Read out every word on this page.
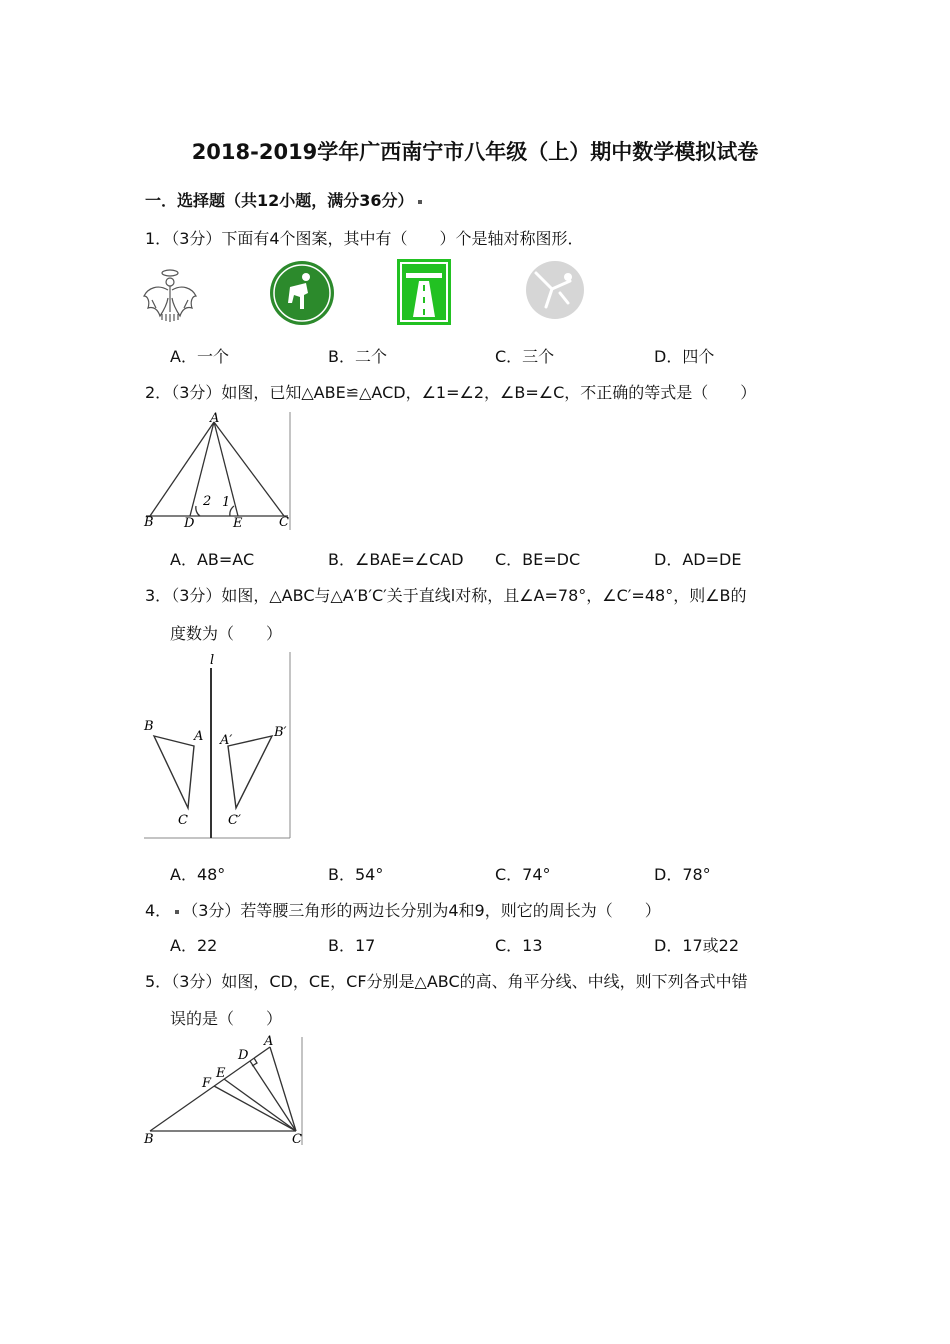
2018-2019学年广西南宁市八年级（上）期中数学模拟试卷
一．选择题（共12小题，满分36分）
1．（3分）下面有4个图案，其中有（　　）个是轴对称图形．
A．一个	B．二个	C．三个	D．四个
2．（3分）如图，已知△ABE≌△ACD，∠1=∠2，∠B=∠C，不正确的等式是（　　）
A
B D	E	C
2 1
A．AB=AC	B．∠BAE=∠CAD C．BE=DC	D．AD=DE
3．（3分）如图，△ABC与△A′B′C′关于直线l对称，且∠A=78°，∠C′=48°，则∠B的
度数为（　　）
l
B
A
C
A′
B′
C′
A．48°	B．54°	C．74°	D．78°
4． （3分）若等腰三角形的两边长分别为4和9，则它的周长为（　　）
A．22	B．17	C．13	D．17或22
5．（3分）如图，CD，CE，CF分别是△ABC的高、角平分线、中线，则下列各式中错
误的是（　　）
A
D
E
F
B	C
